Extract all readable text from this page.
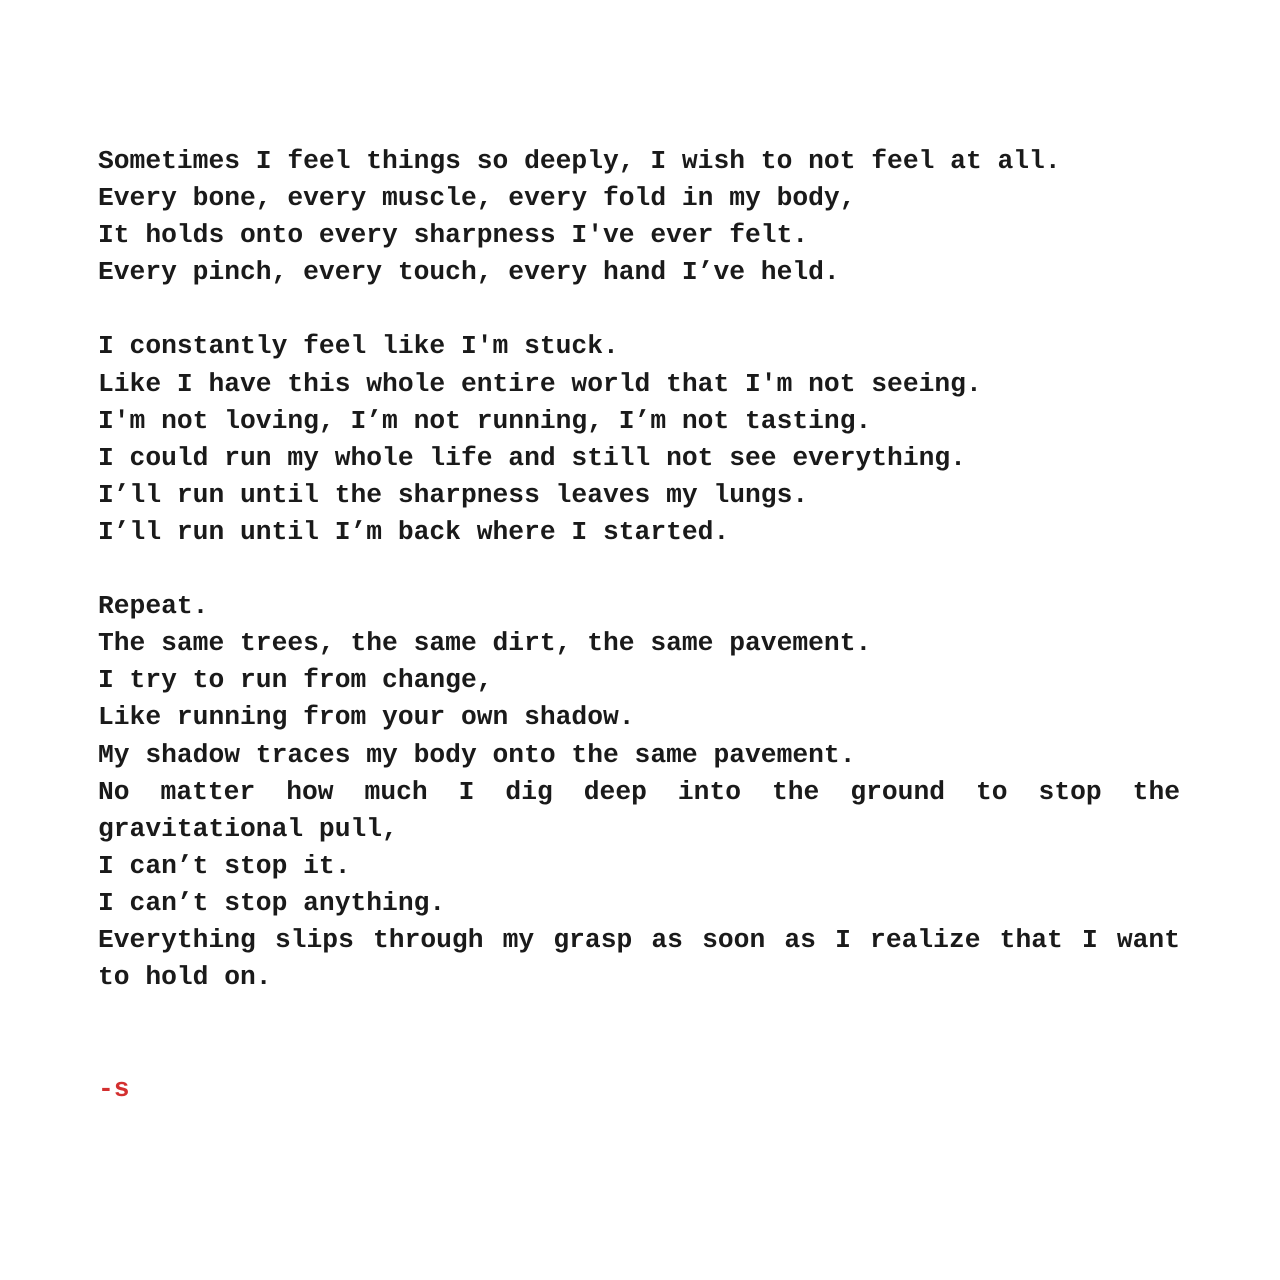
Sometimes I feel things so deeply, I wish to not feel at all.
Every bone, every muscle, every fold in my body,
It holds onto every sharpness I've ever felt.
Every pinch, every touch, every hand I’ve held.
I constantly feel like I'm stuck.
Like I have this whole entire world that I'm not seeing.
I'm not loving, I’m not running, I’m not tasting.
I could run my whole life and still not see everything.
I’ll run until the sharpness leaves my lungs.
I’ll run until I’m back where I started.
Repeat.
The same trees, the same dirt, the same pavement.
I try to run from change,
Like running from your own shadow.
My shadow traces my body onto the same pavement.
No matter how much I dig deep into the ground to stop the
gravitational pull,
I can’t stop it.
I can’t stop anything.
Everything slips through my grasp as soon as I realize that I want
to hold on.
-s
